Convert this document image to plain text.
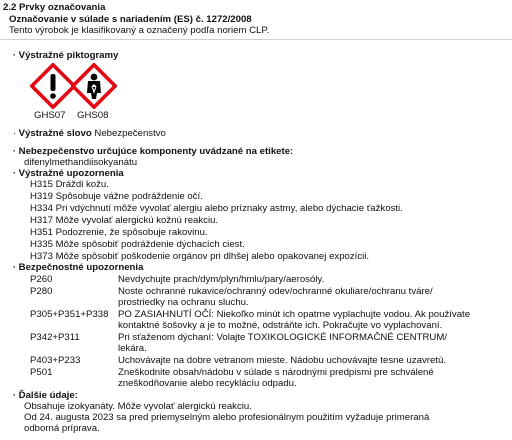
2.2 Prvky označovania
Označovanie v súlade s nariadením (ES) č. 1272/2008
Tento výrobok je klasifikovaný a označený podľa noriem CLP.
· Výstražné piktogramy
GHS07 GHS08
· Výstražné slovo Nebezpečenstvo
· Nebezpečenstvo určujúce komponenty uvádzané na etikete:
difenylmethandiisokyanátu
· Výstražné upozornenia
H315 Dráždi kožu.
H319 Spôsobuje vážne podráždenie očí.
H334 Pri vdýchnutí môže vyvolať alergiu alebo príznaky astmy, alebo dýchacie ťažkosti.
H317 Môže vyvolať alergickú kožnú reakciu.
H351 Podozrenie, že spôsobuje rakovinu.
H335 Môže spôsobiť podráždenie dýchacích ciest.
H373 Môže spôsobiť poškodenie orgánov pri dlhšej alebo opakovanej expozícii.
· Bezpečnostné upozornenia
P260	Nevdychujte prach/dym/plyn/hmlu/pary/aerosóly.
P280	Noste ochranné rukavice/ochranný odev/ochranné okuliare/ochranu tváre/
prostriedky na ochranu sluchu.
P305+P351+P338 PO ZASIAHNUTÍ OČÍ: Niekoľko minút ich opatrne vyplachujte vodou. Ak používate
kontaktné šošovky a je to možné, odstráňte ich. Pokračujte vo vyplachovaní.
P342+P311	Pri sťaženom dýchaní: Volajte TOXIKOLOGICKÉ INFORMAČNÉ CENTRUM/
lekára.
P403+P233	Uchovávajte na dobre vetranom mieste. Nádobu uchovávajte tesne uzavretú.
P501	Zneškodnite obsah/nádobu v súlade s národnými predpismi pre schválené
zneškodňovanie alebo recyklácíu odpadu.
· Ďalšie údaje:
Obsahuje izokyanáty. Môže vyvolať alergickú reakciu.
Od 24. augusta 2023 sa pred priemyselným alebo profesionálnym použitím vyžaduje primeraná
odborná príprava.
